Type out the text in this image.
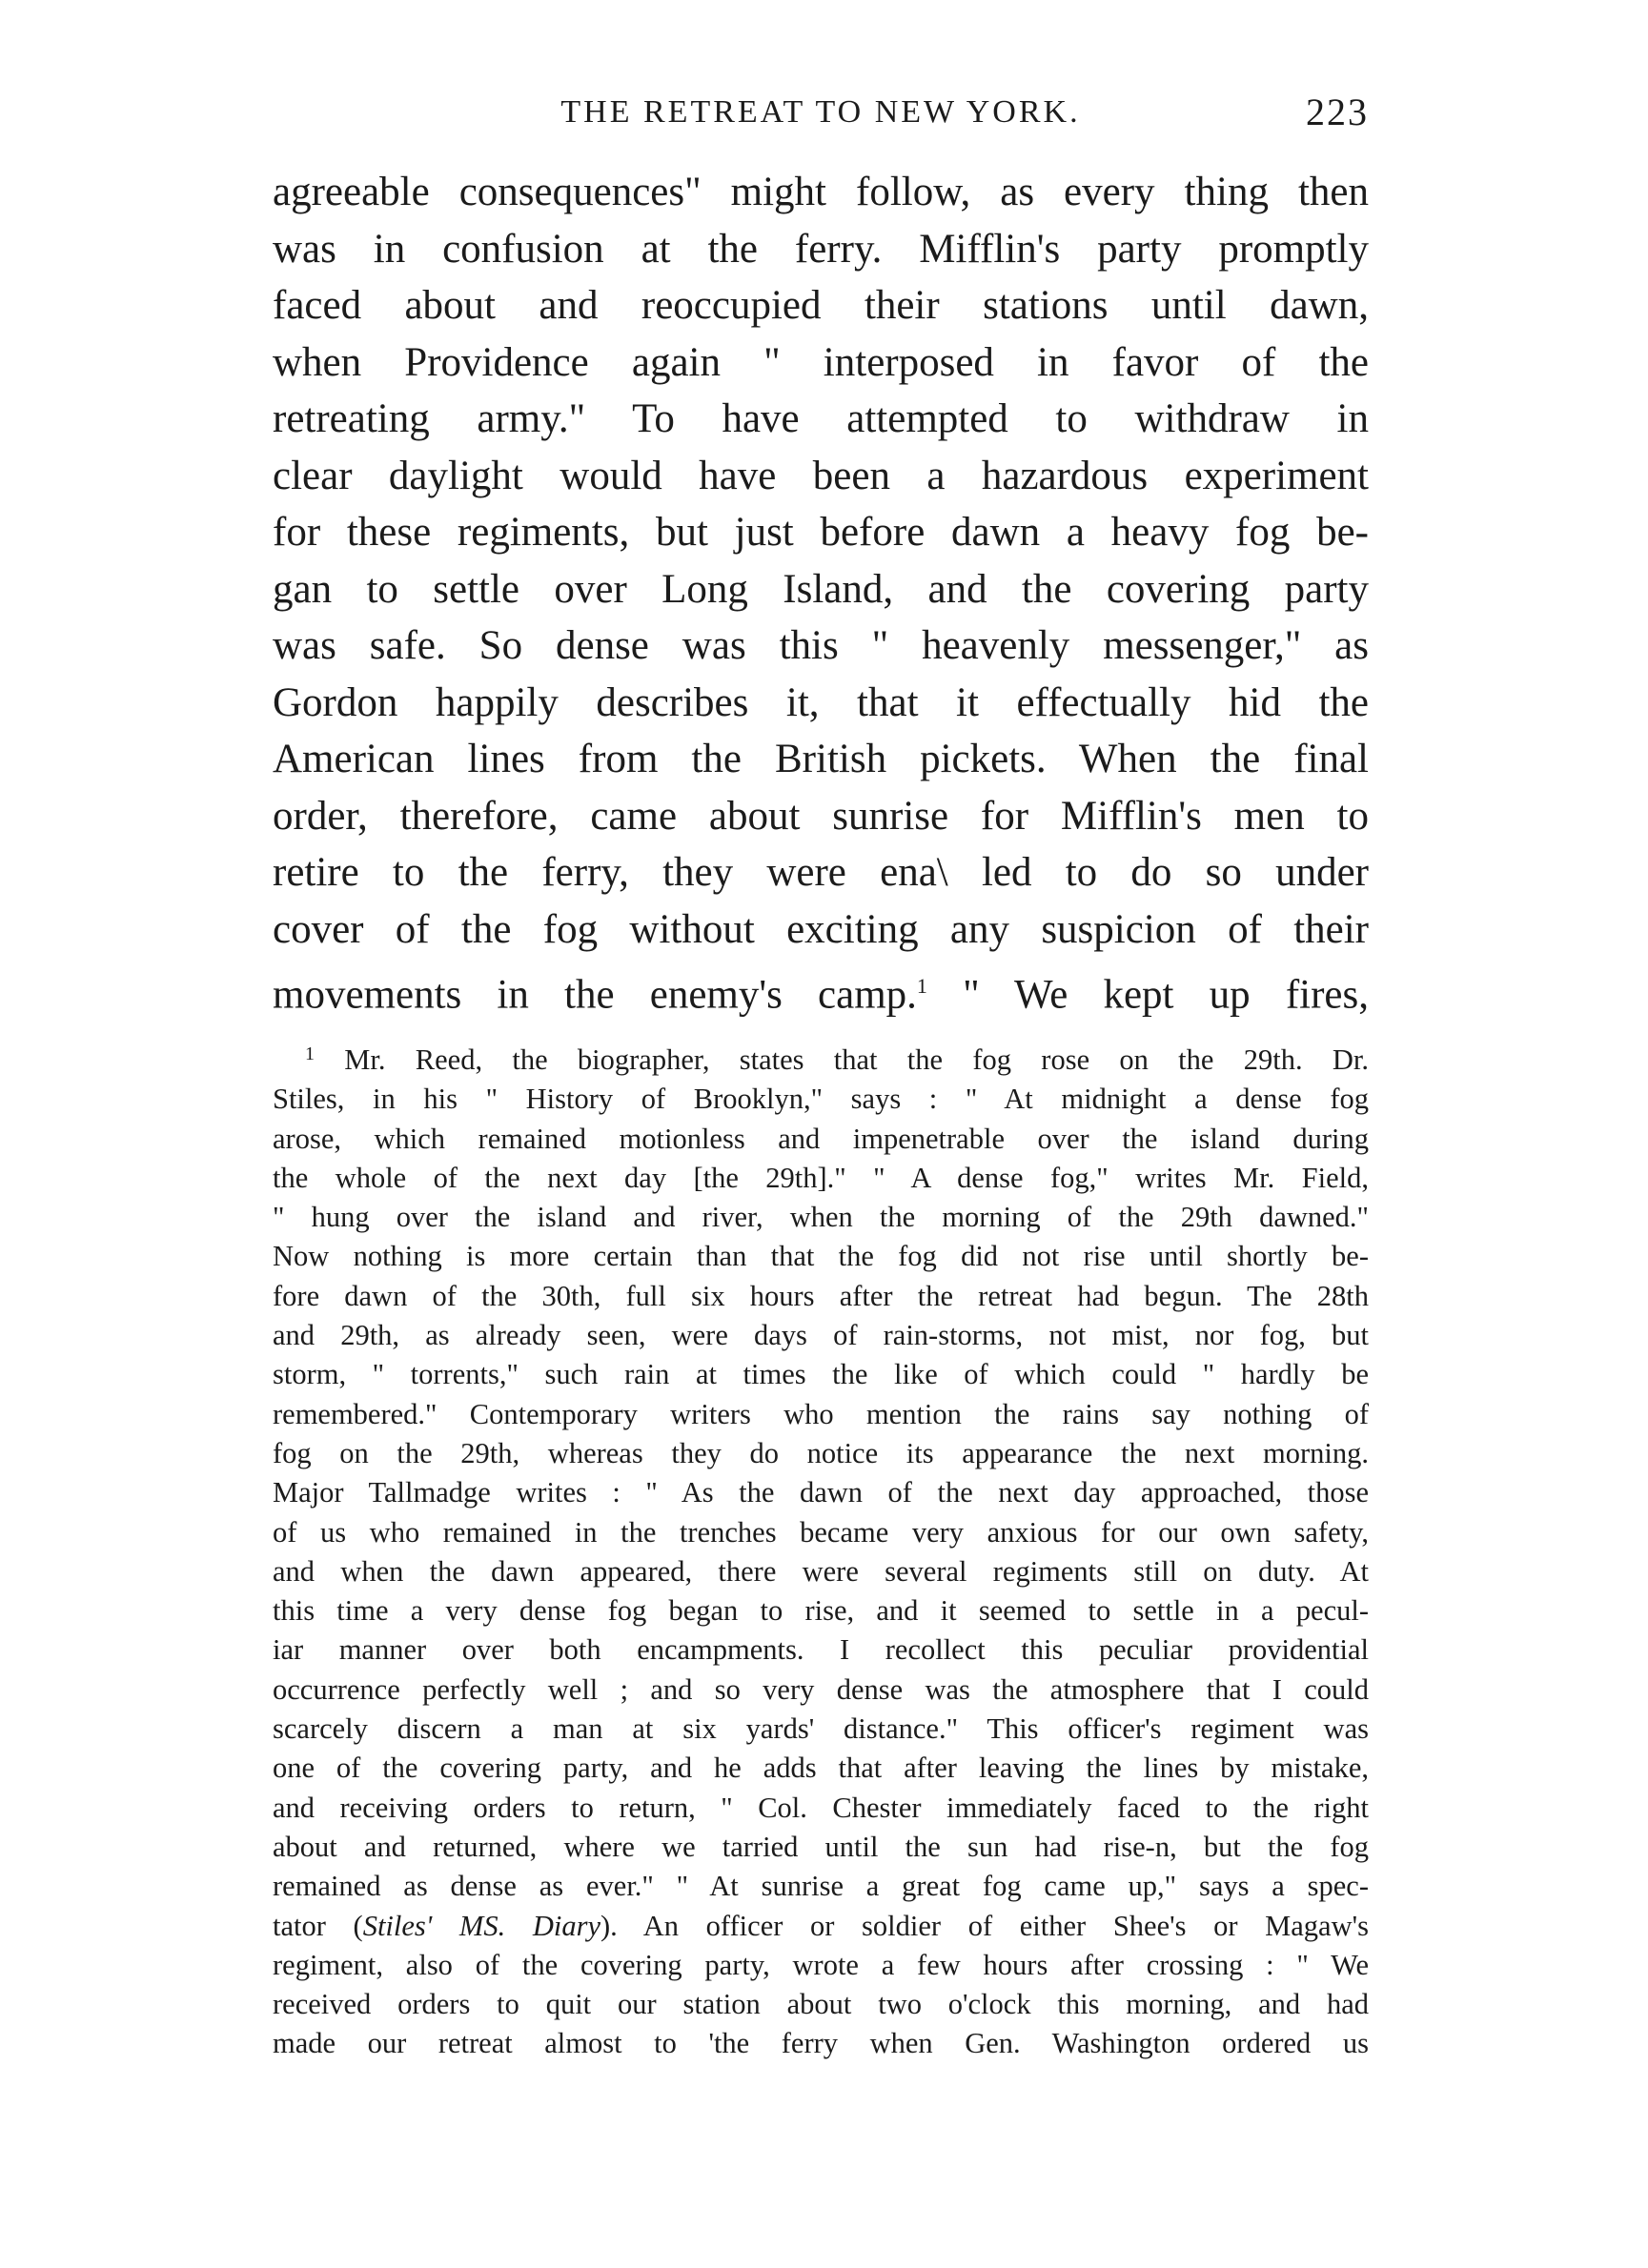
THE RETREAT TO NEW YORK.	223
agreeable consequences" might follow, as every thing then
was in confusion at the ferry. Mifflin's party promptly
faced about and reoccupied their stations until dawn,
when Providence again " interposed in favor of the
retreating army." To have attempted to withdraw in
clear daylight would have been a hazardous experiment
for these regiments, but just before dawn a heavy fog be-
gan to settle over Long Island, and the covering party
was safe. So dense was this " heavenly messenger," as
Gordon happily describes it, that it effectually hid the
American lines from the British pickets. When the final
order, therefore, came about sunrise for Mifflin's men to
retire to the ferry, they were ena\ led to do so under
cover of the fog without exciting any suspicion of their
movements in the enemy's camp.$^1$ " We kept up fires,
$^1$ Mr. Reed, the biographer, states that the fog rose on the 29th. Dr.
Stiles, in his " History of Brooklyn," says : " At midnight a dense fog
arose, which remained motionless and impenetrable over the island during
the whole of the next day [the 29th]." " A dense fog," writes Mr. Field,
" hung over the island and river, when the morning of the 29th dawned."
Now nothing is more certain than that the fog did not rise until shortly be-
fore dawn of the 30th, full six hours after the retreat had begun. The 28th
and 29th, as already seen, were days of rain-storms, not mist, nor fog, but
storm, " torrents," such rain at times the like of which could " hardly be
remembered." Contemporary writers who mention the rains say nothing of
fog on the 29th, whereas they do notice its appearance the next morning.
Major Tallmadge writes : " As the dawn of the next day approached, those
of us who remained in the trenches became very anxious for our own safety,
and when the dawn appeared, there were several regiments still on duty. At
this time a very dense fog began to rise, and it seemed to settle in a pecul-
iar manner over both encampments. I recollect this peculiar providential
occurrence perfectly well ; and so very dense was the atmosphere that I could
scarcely discern a man at six yards' distance." This officer's regiment was
one of the covering party, and he adds that after leaving the lines by mistake,
and receiving orders to return, " Col. Chester immediately faced to the right
about and returned, where we tarried until the sun had rise-n, but the fog
remained as dense as ever." " At sunrise a great fog came up," says a spec-
tator (Stiles' MS. Diary). An officer or soldier of either Shee's or Magaw's
regiment, also of the covering party, wrote a few hours after crossing : " We
received orders to quit our station about two o'clock this morning, and had
made our retreat almost to 'the ferry when Gen. Washington ordered us
